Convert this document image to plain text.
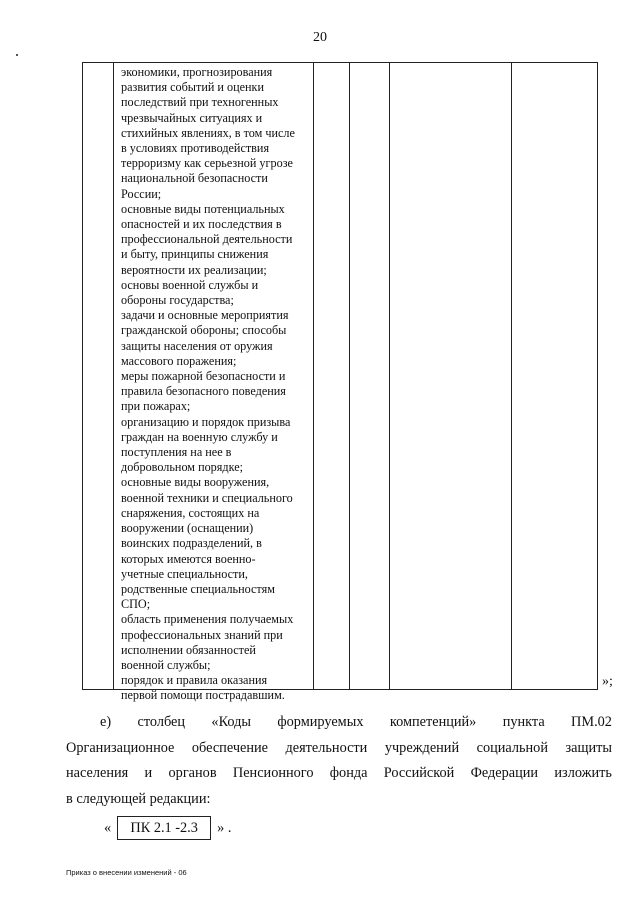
20
экономики, прогнозирования
развития событий и оценки
последствий при техногенных
чрезвычайных ситуациях и
стихийных явлениях, в том числе
в условиях противодействия
терроризму как серьезной угрозе
национальной безопасности
России;
основные виды потенциальных
опасностей и их последствия в
профессиональной деятельности
и быту, принципы снижения
вероятности их реализации;
основы военной службы и
обороны государства;
задачи и основные мероприятия
гражданской обороны; способы
защиты населения от оружия
массового поражения;
меры пожарной безопасности и
правила безопасного поведения
при пожарах;
организацию и порядок призыва
граждан на военную службу и
поступления на нее в
добровольном порядке;
основные виды вооружения,
военной техники и специального
снаряжения, состоящих на
вооружении (оснащении)
воинских подразделений, в
которых имеются военно-
учетные специальности,
родственные специальностям
СПО;
область применения получаемых
профессиональных знаний при
исполнении обязанностей
военной службы;
порядок и правила оказания
первой помощи пострадавшим.
»;
е) столбец «Коды формируемых компетенций» пункта ПМ.02
Организационное обеспечение деятельности учреждений социальной защиты
населения и органов Пенсионного фонда Российской Федерации изложить
в следующей редакции:
«	ПК 2.1 -2.3	» .
Приказ о внесении изменений - 06
